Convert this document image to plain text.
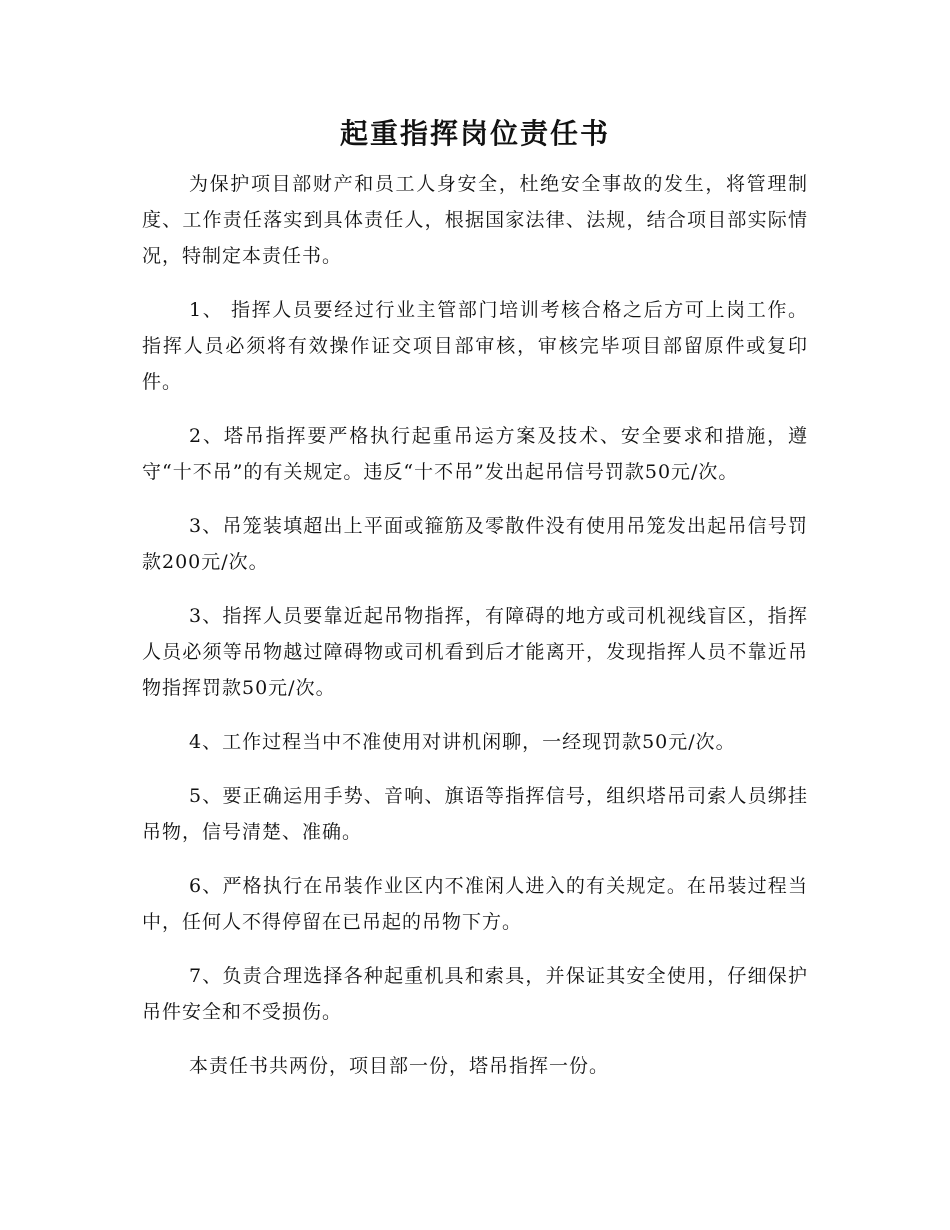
起重指挥岗位责任书

为保护项目部财产和员工人身安全，杜绝安全事故的发生，将管理制度、工作责任落实到具体责任人，根据国家法律、法规，结合项目部实际情况，特制定本责任书。

1、 指挥人员要经过行业主管部门培训考核合格之后方可上岗工作。指挥人员必须将有效操作证交项目部审核，审核完毕项目部留原件或复印件。

2、塔吊指挥要严格执行起重吊运方案及技术、安全要求和措施，遵守“十不吊”的有关规定。违反“十不吊”发出起吊信号罚款50元/次。

3、吊笼装填超出上平面或箍筋及零散件没有使用吊笼发出起吊信号罚款200元/次。

3、指挥人员要靠近起吊物指挥，有障碍的地方或司机视线盲区，指挥人员必须等吊物越过障碍物或司机看到后才能离开，发现指挥人员不靠近吊物指挥罚款50元/次。

4、工作过程当中不准使用对讲机闲聊，一经现罚款50元/次。

5、要正确运用手势、音响、旗语等指挥信号，组织塔吊司索人员绑挂吊物，信号清楚、准确。

6、严格执行在吊装作业区内不准闲人进入的有关规定。在吊装过程当中，任何人不得停留在已吊起的吊物下方。

7、负责合理选择各种起重机具和索具，并保证其安全使用，仔细保护吊件安全和不受损伤。

本责任书共两份，项目部一份，塔吊指挥一份。
